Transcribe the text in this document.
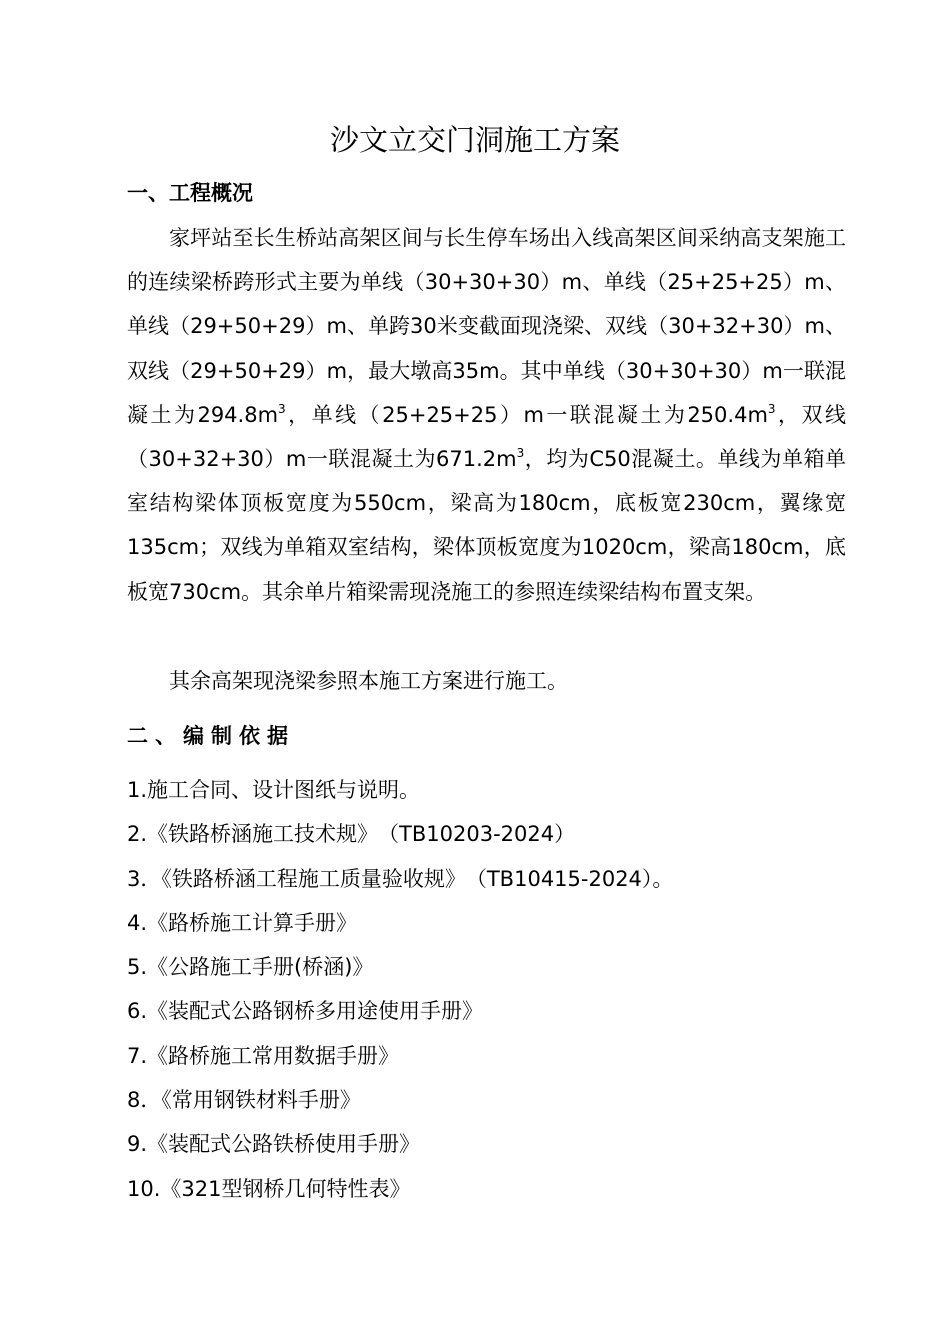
沙文立交门洞施工方案
一、工程概况
家坪站至长生桥站高架区间与长生停车场出入线高架区间采纳高支架施工的连续梁桥跨形式主要为单线（30+30+30）m、单线（25+25+25）m、单线（29+50+29）m、单跨30米变截面现浇梁、双线（30+32+30）m、双线（29+50+29）m，最大墩高35m。其中单线（30+30+30）m一联混凝土为$294.8m^3$，单线（25+25+25）m一联混凝土为$250.4m^3$，双线（30+32+30）m一联混凝土为$671.2m^3$，均为C50混凝土。单线为单箱单室结构梁体顶板宽度为550cm，梁高为180cm，底板宽230cm，翼缘宽135cm；双线为单箱双室结构，梁体顶板宽度为1020cm，梁高180cm，底板宽730cm。其余单片箱梁需现浇施工的参照连续梁结构布置支架。
其余高架现浇梁参照本施工方案进行施工。
二、编制依据
1.施工合同、设计图纸与说明。
2.《铁路桥涵施工技术规》　（TB10203-2024）
3．《铁路桥涵工程施工质量验收规》　（TB10415-2024）。
4.《路桥施工计算手册》
5.《公路施工手册(桥涵)》
6.《装配式公路钢桥多用途使用手册》
7.《路桥施工常用数据手册》
8．《常用钢铁材料手册》
9.《装配式公路铁桥使用手册》
10.《321型钢桥几何特性表》
